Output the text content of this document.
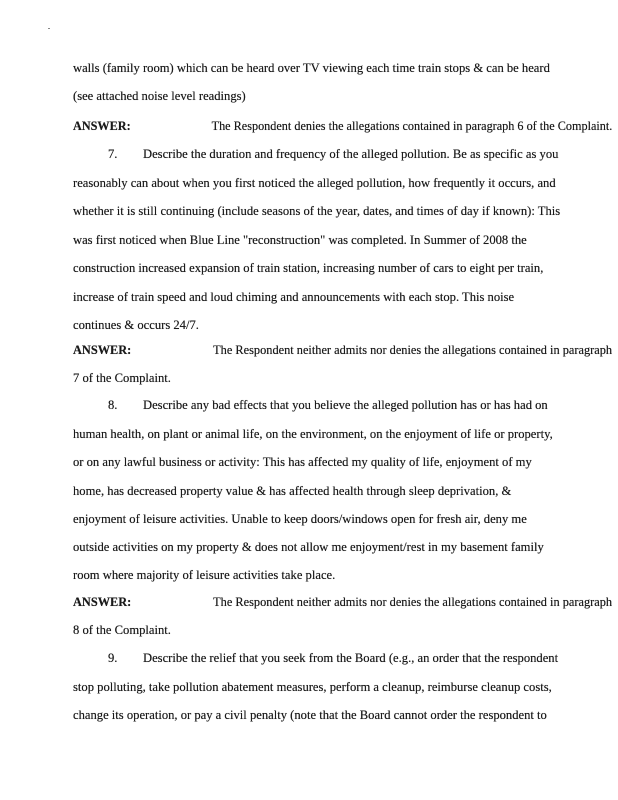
walls (family room) which can be heard over TV viewing each time train stops & can be heard
(see attached noise level readings)
ANSWER:	The Respondent denies the allegations contained in paragraph 6 of the Complaint.
7. Describe the duration and frequency of the alleged pollution. Be as specific as you
reasonably can about when you first noticed the alleged pollution, how frequently it occurs, and
whether it is still continuing (include seasons of the year, dates, and times of day if known): This
was first noticed when Blue Line "reconstruction" was completed. In Summer of 2008 the
construction increased expansion of train station, increasing number of cars to eight per train,
increase of train speed and loud chiming and announcements with each stop. This noise
continues & occurs 24/7.
ANSWER:	The Respondent neither admits nor denies the allegations contained in paragraph
7 of the Complaint.
8. Describe any bad effects that you believe the alleged pollution has or has had on
human health, on plant or animal life, on the environment, on the enjoyment of life or property,
or on any lawful business or activity: This has affected my quality of life, enjoyment of my
home, has decreased property value & has affected health through sleep deprivation, &
enjoyment of leisure activities. Unable to keep doors/windows open for fresh air, deny me
outside activities on my property & does not allow me enjoyment/rest in my basement family
room where majority of leisure activities take place.
ANSWER:	The Respondent neither admits nor denies the allegations contained in paragraph
8 of the Complaint.
9. Describe the relief that you seek from the Board (e.g., an order that the respondent
stop polluting, take pollution abatement measures, perform a cleanup, reimburse cleanup costs,
change its operation, or pay a civil penalty (note that the Board cannot order the respondent to
